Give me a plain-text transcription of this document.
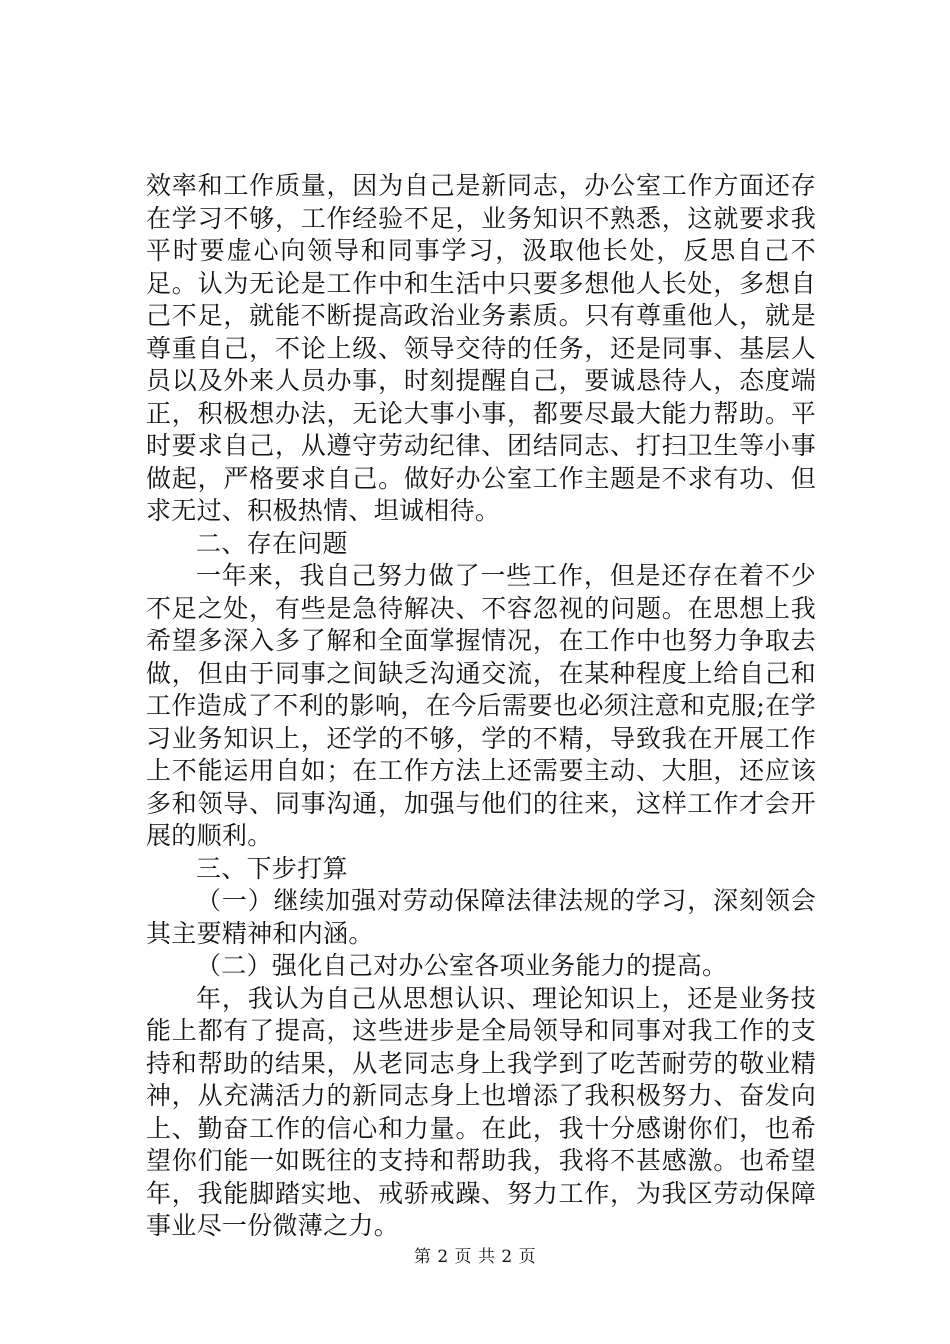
效率和工作质量，因为自己是新同志，办公室工作方面还存在学习不够，工作经验不足，业务知识不熟悉，这就要求我平时要虚心向领导和同事学习，汲取他长处，反思自己不足。认为无论是工作中和生活中只要多想他人长处，多想自己不足，就能不断提高政治业务素质。只有尊重他人，就是尊重自己，不论上级、领导交待的任务，还是同事、基层人员以及外来人员办事，时刻提醒自己，要诚恳待人，态度端正，积极想办法，无论大事小事，都要尽最大能力帮助。平时要求自己，从遵守劳动纪律、团结同志、打扫卫生等小事做起，严格要求自己。做好办公室工作主题是不求有功、但求无过、积极热情、坦诚相待。

二、存在问题

一年来，我自己努力做了一些工作，但是还存在着不少不足之处，有些是急待解决、不容忽视的问题。在思想上我希望多深入多了解和全面掌握情况，在工作中也努力争取去做，但由于同事之间缺乏沟通交流，在某种程度上给自己和工作造成了不利的影响，在今后需要也必须注意和克服;在学习业务知识上，还学的不够，学的不精，导致我在开展工作上不能运用自如；在工作方法上还需要主动、大胆，还应该多和领导、同事沟通，加强与他们的往来，这样工作才会开展的顺利。

三、下步打算

（一）继续加强对劳动保障法律法规的学习，深刻领会其主要精神和内涵。

（二）强化自己对办公室各项业务能力的提高。

年，我认为自己从思想认识、理论知识上，还是业务技能上都有了提高，这些进步是全局领导和同事对我工作的支持和帮助的结果，从老同志身上我学到了吃苦耐劳的敬业精神，从充满活力的新同志身上也增添了我积极努力、奋发向上、勤奋工作的信心和力量。在此，我十分感谢你们，也希望你们能一如既往的支持和帮助我，我将不甚感激。也希望年，我能脚踏实地、戒骄戒躁、努力工作，为我区劳动保障事业尽一份微薄之力。

第 2 页 共 2 页
